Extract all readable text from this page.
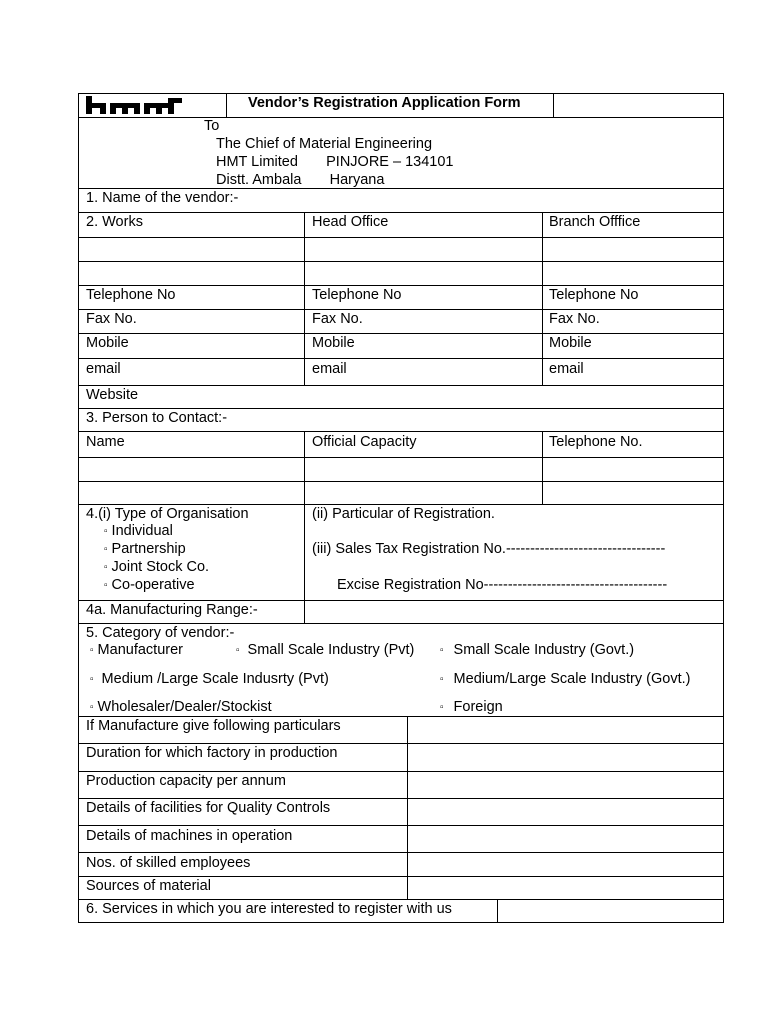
Vendor’s Registration Application Form
To
The Chief of Material Engineering
HMT Limited       PINJORE – 134101
Distt. Ambala       Haryana
1. Name of the vendor:-
2. Works	Head Office	Branch Offfice
Telephone No	Telephone No	Telephone No
Fax No.	Fax No.	Fax No.
Mobile	Mobile	Mobile
email	email	email
Website
3. Person to Contact:-
Name	Official Capacity	Telephone No.
4.(i) Type of Organisation
▫ Individual
▫ Partnership
▫ Joint Stock Co.
▫ Co-operative
(ii) Particular of Registration.
(iii) Sales Tax Registration No.---------------------------------
Excise Registration No--------------------------------------
4a. Manufacturing Range:-
5. Category of vendor:-
▫ Manufacturer	▫ Small Scale Industry (Pvt)	▫ Small Scale Industry (Govt.)
▫ Medium /Large Scale Indusrty (Pvt)	▫ Medium/Large Scale Industry (Govt.)
▫ Wholesaler/Dealer/Stockist	▫ Foreign
If Manufacture give following particulars
Duration for which factory in production
Production capacity per annum
Details of facilities for Quality Controls
Details of machines in operation
Nos. of skilled employees
Sources of material
6. Services in which you are interested to register with us
